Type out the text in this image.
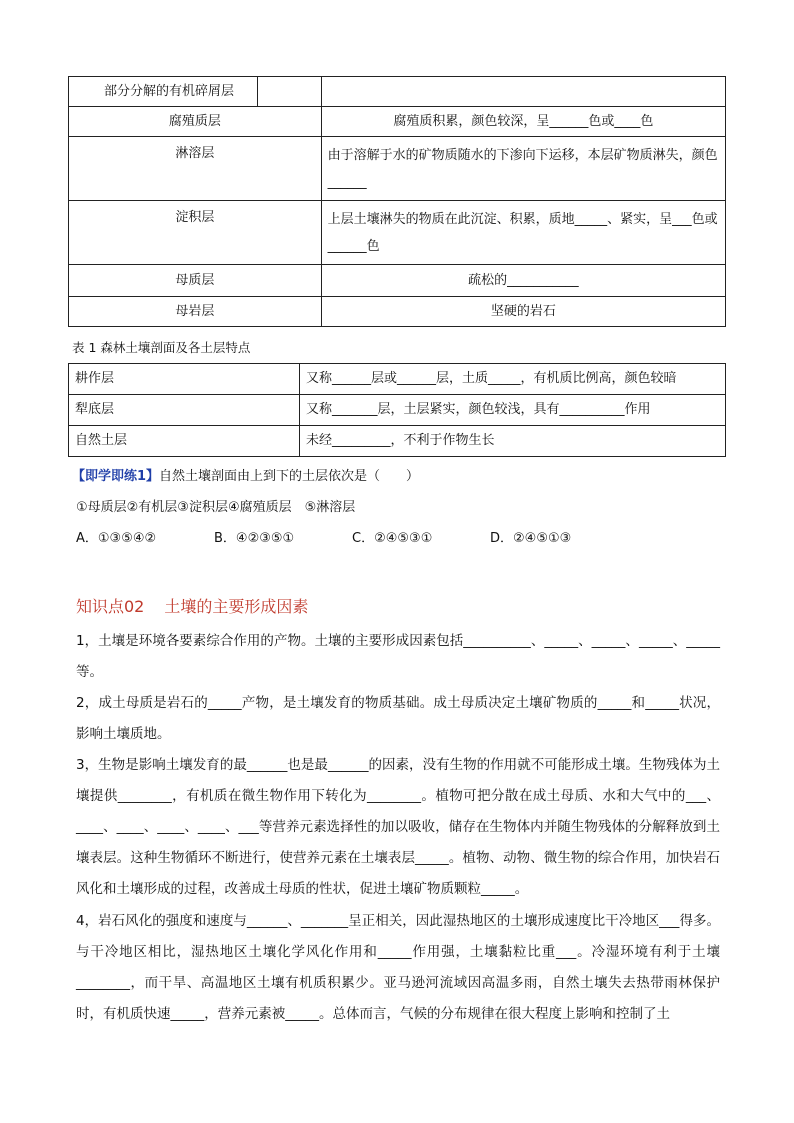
部分分解的有机碎屑层	

腐殖质层	腐殖质积累，颜色较深，呈______色或____色
淋溶层	由于溶解于水的矿物质随水的下渗向下运移，本层矿物质淋失，颜色______
淀积层	上层土壤淋失的物质在此沉淀、积累，质地_____、紧实，呈___色或______色
母质层	疏松的___________
母岩层	坚硬的岩石
表 1 森林土壤剖面及各土层特点
耕作层	又称______层或______层，土质_____，有机质比例高，颜色较暗
犁底层	又称_______层，土层紧实，颜色较浅，具有__________作用
自然土层	未经_________，不利于作物生长
【即学即练1】自然土壤剖面由上到下的土层依次是（　　）
①母质层②有机层③淀积层④腐殖质层　⑤淋溶层
A．①③⑤④②	B．④②③⑤①	C．②④⑤③①	D．②④⑤①③
知识点02 土壤的主要形成因素
1，土壤是环境各要素综合作用的产物。土壤的主要形成因素包括__________、_____、_____、_____、_____等。
2，成土母质是岩石的_____产物，是土壤发育的物质基础。成土母质决定土壤矿物质的_____和_____状况，影响土壤质地。
3，生物是影响土壤发育的最______也是最______的因素，没有生物的作用就不可能形成土壤。生物残体为土壤提供________，有机质在微生物作用下转化为________。植物可把分散在成土母质、水和大气中的___、____、____、____、____、___等营养元素选择性的加以吸收，储存在生物体内并随生物残体的分解释放到土壤表层。这种生物循环不断进行，使营养元素在土壤表层_____。植物、动物、微生物的综合作用，加快岩石风化和土壤形成的过程，改善成土母质的性状，促进土壤矿物质颗粒_____。
4，岩石风化的强度和速度与______、_______呈正相关，因此湿热地区的土壤形成速度比干冷地区___得多。与干冷地区相比，湿热地区土壤化学风化作用和_____作用强，土壤黏粒比重___。冷湿环境有利于土壤________，而干旱、高温地区土壤有机质积累少。亚马逊河流域因高温多雨，自然土壤失去热带雨林保护时，有机质快速_____，营养元素被_____。总体而言，气候的分布规律在很大程度上影响和控制了土
